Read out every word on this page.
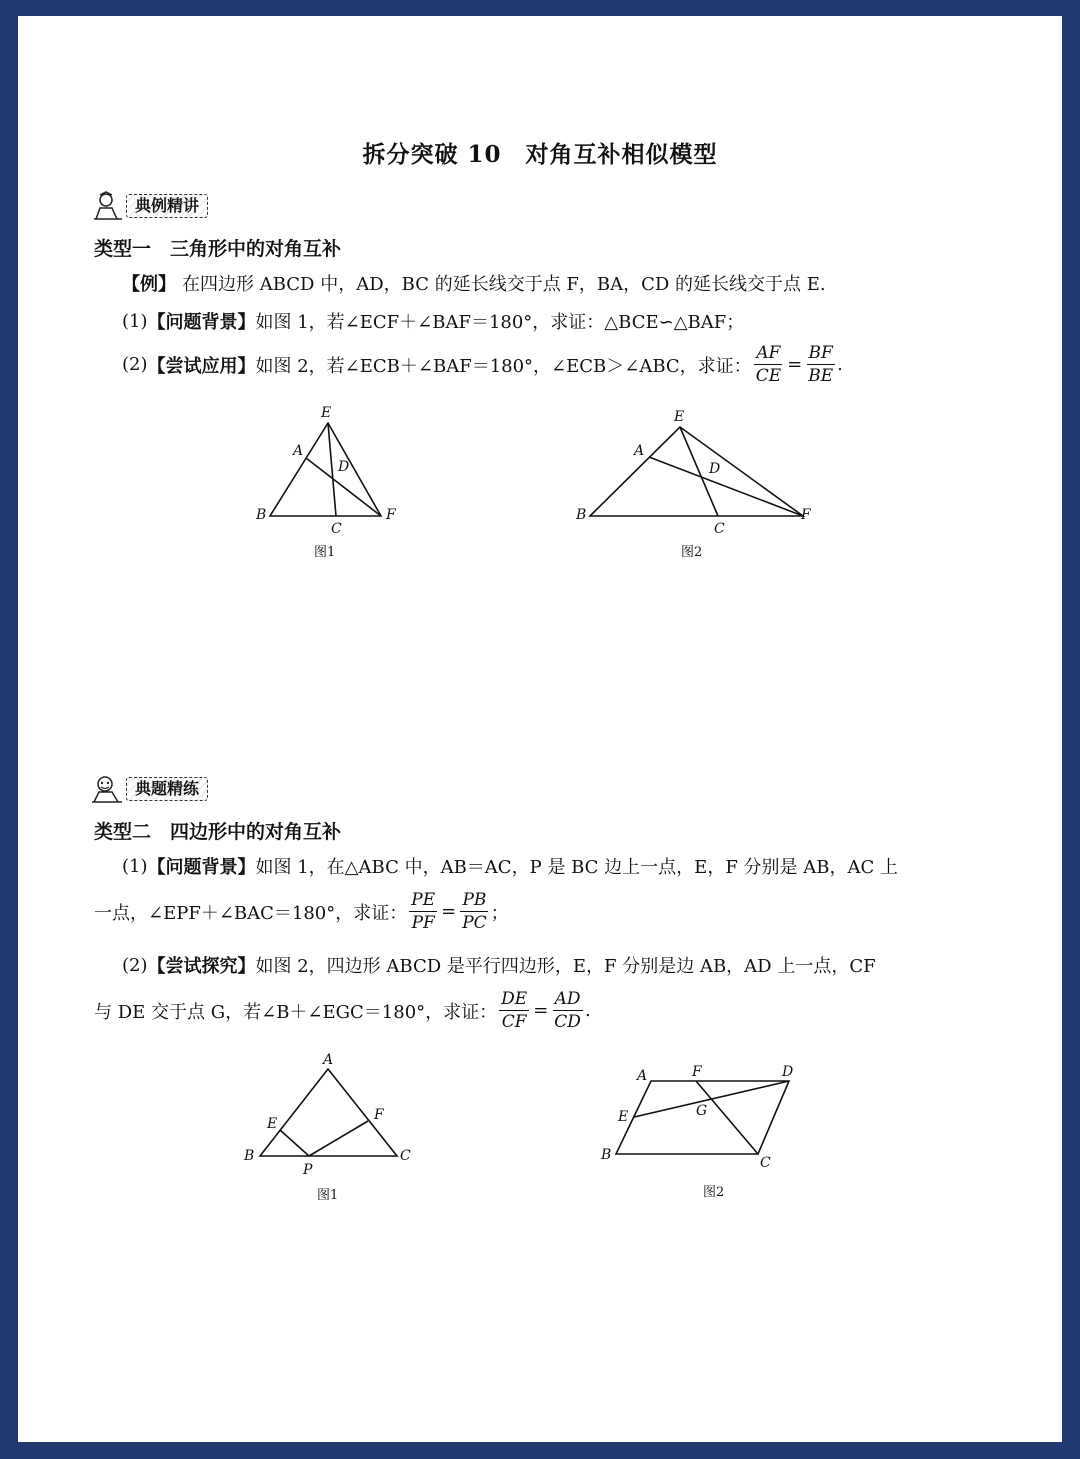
拆分突破 10　对角互补相似模型
典例精讲
类型一　三角形中的对角互补
【例】 在四边形 ABCD 中，AD，BC 的延长线交于点 F，BA，CD 的延长线交于点 E.
(1) 【问题背景】 如图 1，若∠ECF＋∠BAF＝180°，求证：△BCE∽△BAF；
(2) 【尝试应用】 如图 2，若∠ECB＋∠BAF＝180°，∠ECB＞∠ABC，求证： $\frac{AF}{CE} = \frac{BF}{BE}$ .
E
A
D
B
C
F
图1
E
A
D
B
C
F
图2
典题精练
类型二　四边形中的对角互补
(1) 【问题背景】 如图 1，在△ABC 中，AB＝AC，P 是 BC 边上一点，E，F 分别是 AB，AC 上
一点，∠EPF＋∠BAC＝180°，求证： $\frac{PE}{PF} = \frac{PB}{PC}$ ；
(2) 【尝试探究】 如图 2，四边形 ABCD 是平行四边形，E，F 分别是边 AB，AD 上一点，CF
与 DE 交于点 G，若∠B＋∠EGC＝180°，求证： $\frac{DE}{CF} = \frac{AD}{CD}$ .
A
E
F
B
P
C
图1
A	F	D
E	G
B	C
图2
